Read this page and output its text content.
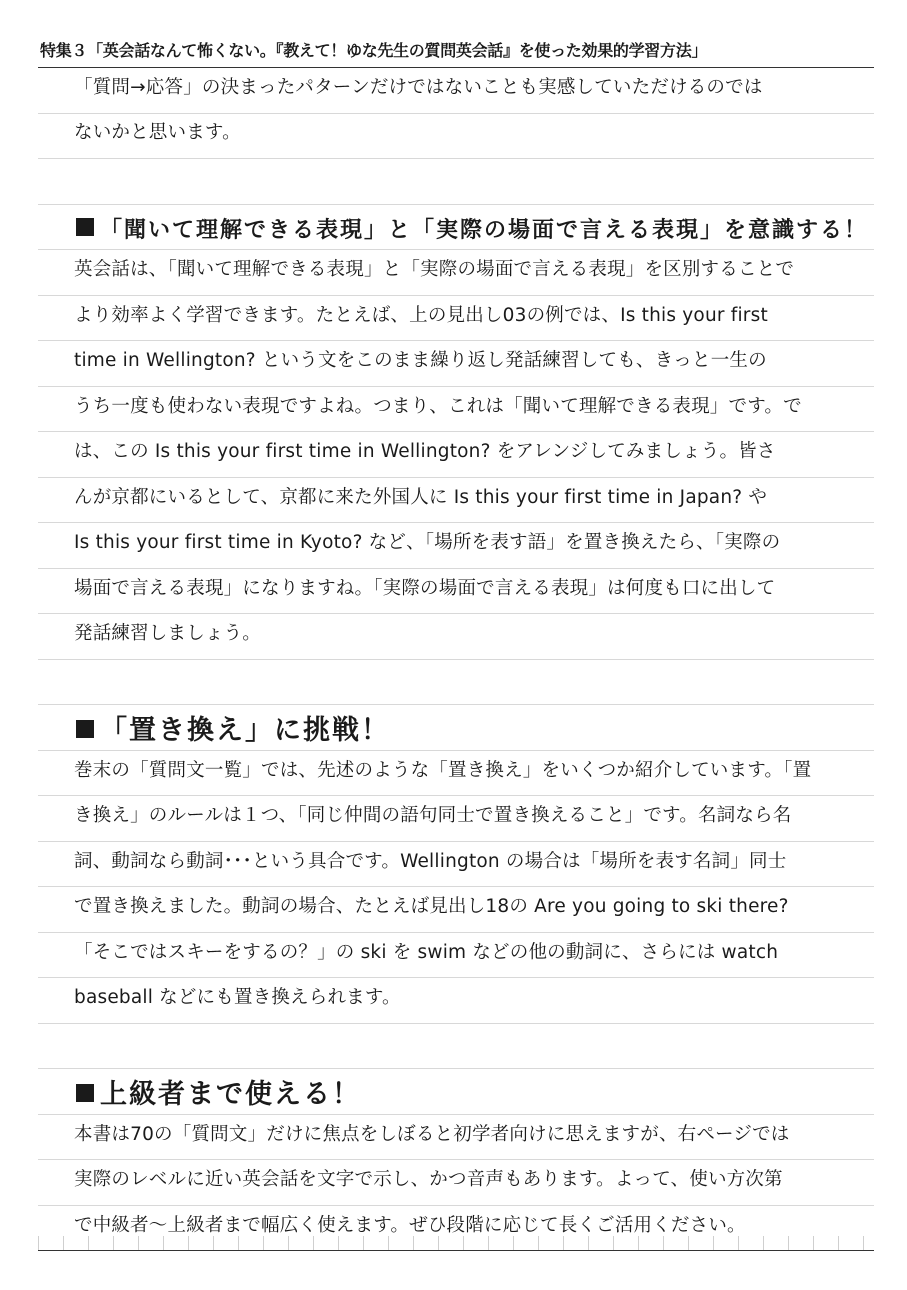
特集３「英会話なんて怖くない。『教えて！ゆな先生の質問英会話』を使った効果的学習方法」
「質問→応答」の決まったパターンだけではないことも実感していただけるのでは
ないかと思います。
「聞いて理解できる表現」と「実際の場面で言える表現」を意識する！
英会話は、「聞いて理解できる表現」と「実際の場面で言える表現」を区別することで
より効率よく学習できます。たとえば、上の見出し03の例では、Is this your first
time in Wellington? という文をこのまま繰り返し発話練習しても、きっと一生の
うち一度も使わない表現ですよね。つまり、これは「聞いて理解できる表現」です。で
は、この Is this your first time in Wellington? をアレンジしてみましょう。皆さ
んが京都にいるとして、京都に来た外国人に Is this your first time in Japan? や
Is this your first time in Kyoto? など、「場所を表す語」を置き換えたら、「実際の
場面で言える表現」になりますね。「実際の場面で言える表現」は何度も口に出して
発話練習しましょう。
「置き換え」に挑戦！
巻末の「質問文一覧」では、先述のような「置き換え」をいくつか紹介しています。「置
き換え」のルールは１つ、「同じ仲間の語句同士で置き換えること」です。名詞なら名
詞、動詞なら動詞･･･という具合です。Wellington の場合は「場所を表す名詞」同士
で置き換えました。動詞の場合、たとえば見出し18の Are you going to ski there?
「そこではスキーをするの？」の ski を swim などの他の動詞に、さらには watch
baseball などにも置き換えられます。
上級者まで使える！
本書は70の「質問文」だけに焦点をしぼると初学者向けに思えますが、右ページでは
実際のレベルに近い英会話を文字で示し、かつ音声もあります。よって、使い方次第
で中級者〜上級者まで幅広く使えます。ぜひ段階に応じて長くご活用ください。
